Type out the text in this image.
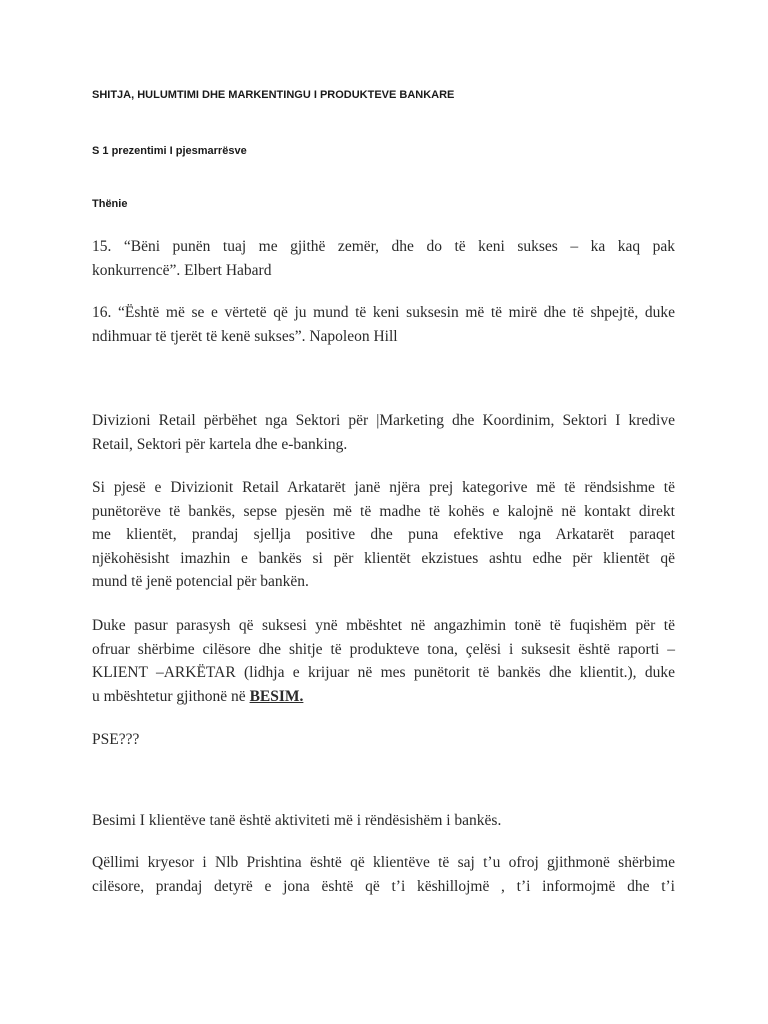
SHITJA, HULUMTIMI DHE MARKENTINGU I PRODUKTEVE BANKARE
S 1 prezentimi I pjesmarrësve
Thënie

15. “Bëni punën tuaj me gjithë zemër, dhe do të keni sukses – ka kaq pak
konkurrencë”. Elbert Habard

16. “Është më se e vërtetë që ju mund të keni suksesin më të mirë dhe të shpejtë, duke
ndihmuar të tjerët të kenë sukses”. Napoleon Hill

Divizioni Retail përbëhet nga Sektori për |Marketing dhe Koordinim, Sektori I kredive
Retail, Sektori për kartela dhe e-banking.

Si pjesë e Divizionit Retail Arkatarët janë njëra prej kategorive më të rëndsishme të
punëtorëve të bankës, sepse pjesën më të madhe të kohës e kalojnë në kontakt direkt
me klientët, prandaj sjellja positive dhe puna efektive nga Arkatarët paraqet
njëkohësisht imazhin e bankës si për klientët ekzistues ashtu edhe për klientët që
mund të jenë potencial për bankën.

Duke pasur parasysh që suksesi ynë mbështet në angazhimin tonë të fuqishëm për të
ofruar shërbime cilësore dhe shitje të produkteve tona, çelësi i suksesit është raporti –
KLIENT –ARKËTAR (lidhja e krijuar në mes punëtorit të bankës dhe klientit.), duke
u mbështetur gjithonë në BESIM.

PSE???

Besimi I klientëve tanë është aktiviteti më i rëndësishëm i bankës.

Qëllimi kryesor i Nlb Prishtina është që klientëve të saj t’u ofroj gjithmonë shërbime
cilësore, prandaj detyrë e jona është që t’i këshillojmë , t’i informojmë dhe t’i
